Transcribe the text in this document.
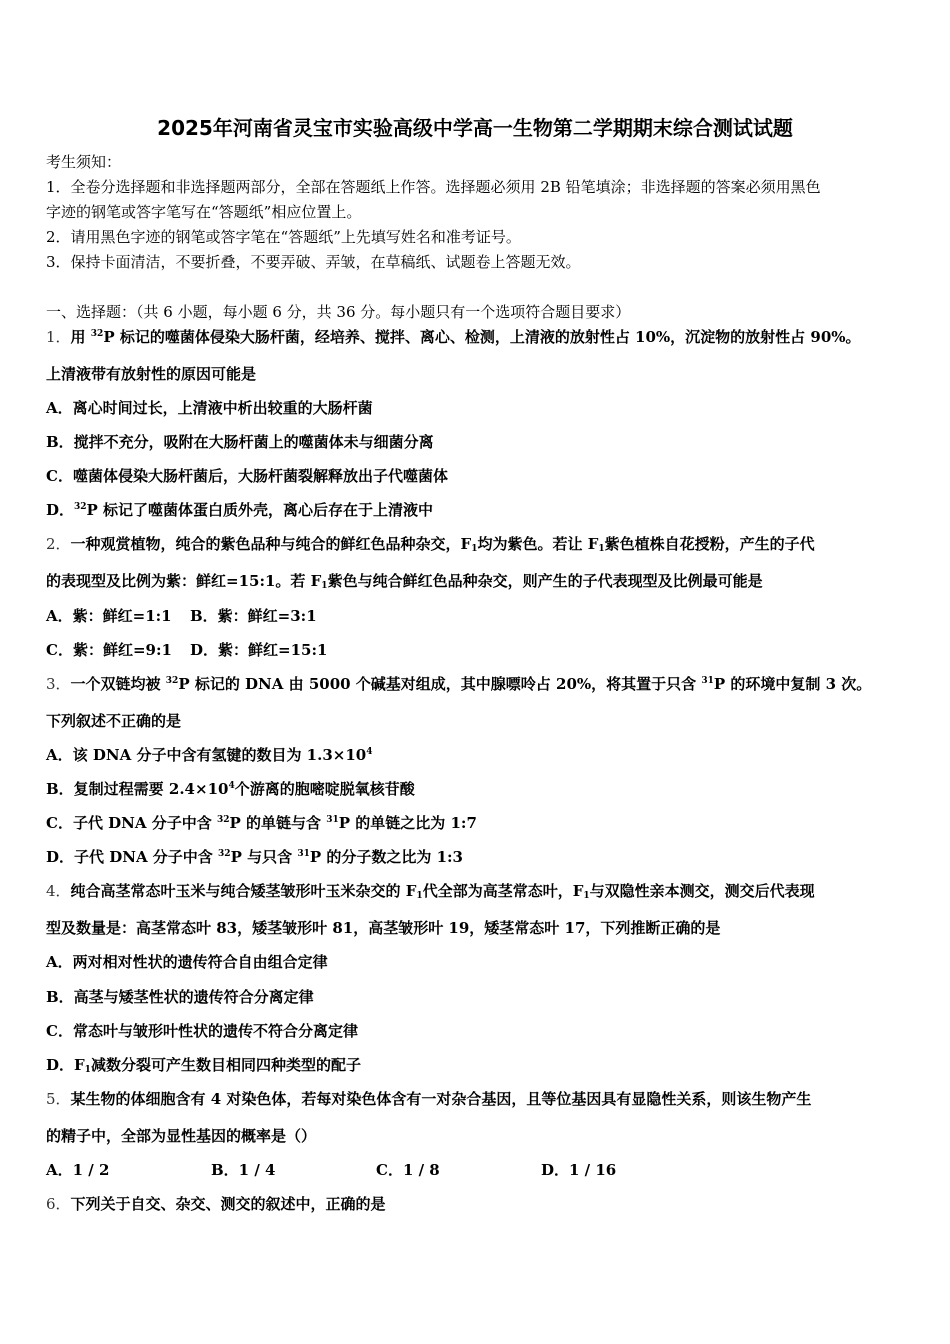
2025年河南省灵宝市实验高级中学高一生物第二学期期末综合测试试题
考生须知：
1．全卷分选择题和非选择题两部分，全部在答题纸上作答。选择题必须用 2B 铅笔填涂；非选择题的答案必须用黑色
字迹的钢笔或答字笔写在“答题纸”相应位置上。
2．请用黑色字迹的钢笔或答字笔在“答题纸”上先填写姓名和准考证号。
3．保持卡面清洁，不要折叠，不要弄破、弄皱，在草稿纸、试题卷上答题无效。
一、选择题：（共 6 小题，每小题 6 分，共 36 分。每小题只有一个选项符合题目要求）
1．用 $^{32}$P 标记的噬菌体侵染大肠杆菌，经培养、搅拌、离心、检测，上清液的放射性占 10%，沉淀物的放射性占 90%。
上清液带有放射性的原因可能是
A．离心时间过长，上清液中析出较重的大肠杆菌
B．搅拌不充分，吸附在大肠杆菌上的噬菌体未与细菌分离
C．噬菌体侵染大肠杆菌后，大肠杆菌裂解释放出子代噬菌体
D．$^{32}$P 标记了噬菌体蛋白质外壳，离心后存在于上清液中
2．一种观赏植物，纯合的紫色品种与纯合的鲜红色品种杂交，$F_1$均为紫色。若让 $F_1$紫色植株自花授粉，产生的子代
的表现型及比例为紫：鲜红=15:1。若 $F_1$紫色与纯合鲜红色品种杂交，则产生的子代表现型及比例最可能是
A．紫：鲜红=1:1 B．紫：鲜红=3:1
C．紫：鲜红=9:1 D．紫：鲜红=15:1
3．一个双链均被 $^{32}$P 标记的 DNA 由 5000 个碱基对组成，其中腺嘌呤占 20%，将其置于只含 $^{31}$P 的环境中复制 3 次。
下列叙述不正确的是
A．该 DNA 分子中含有氢键的数目为 $1.3\times 10^4$
B．复制过程需要 $2.4\times 10^4$个游离的胞嘧啶脱氧核苷酸
C．子代 DNA 分子中含 $^{32}$P 的单链与含 $^{31}$P 的单链之比为 1:7
D．子代 DNA 分子中含 $^{32}$P 与只含 $^{31}$P 的分子数之比为 1:3
4．纯合高茎常态叶玉米与纯合矮茎皱形叶玉米杂交的 $F_1$代全部为高茎常态叶，$F_1$与双隐性亲本测交，测交后代表现
型及数量是：高茎常态叶 83，矮茎皱形叶 81，高茎皱形叶 19，矮茎常态叶 17，下列推断正确的是
A．两对相对性状的遗传符合自由组合定律
B．高茎与矮茎性状的遗传符合分离定律
C．常态叶与皱形叶性状的遗传不符合分离定律
D．$F_1$减数分裂可产生数目相同四种类型的配子
5．某生物的体细胞含有 4 对染色体，若每对染色体含有一对杂合基因，且等位基因具有显隐性关系，则该生物产生
的精子中，全部为显性基因的概率是（）
A．1 / 2	B．1 / 4	C．1 / 8	D．1 / 16
6．下列关于自交、杂交、测交的叙述中，正确的是
